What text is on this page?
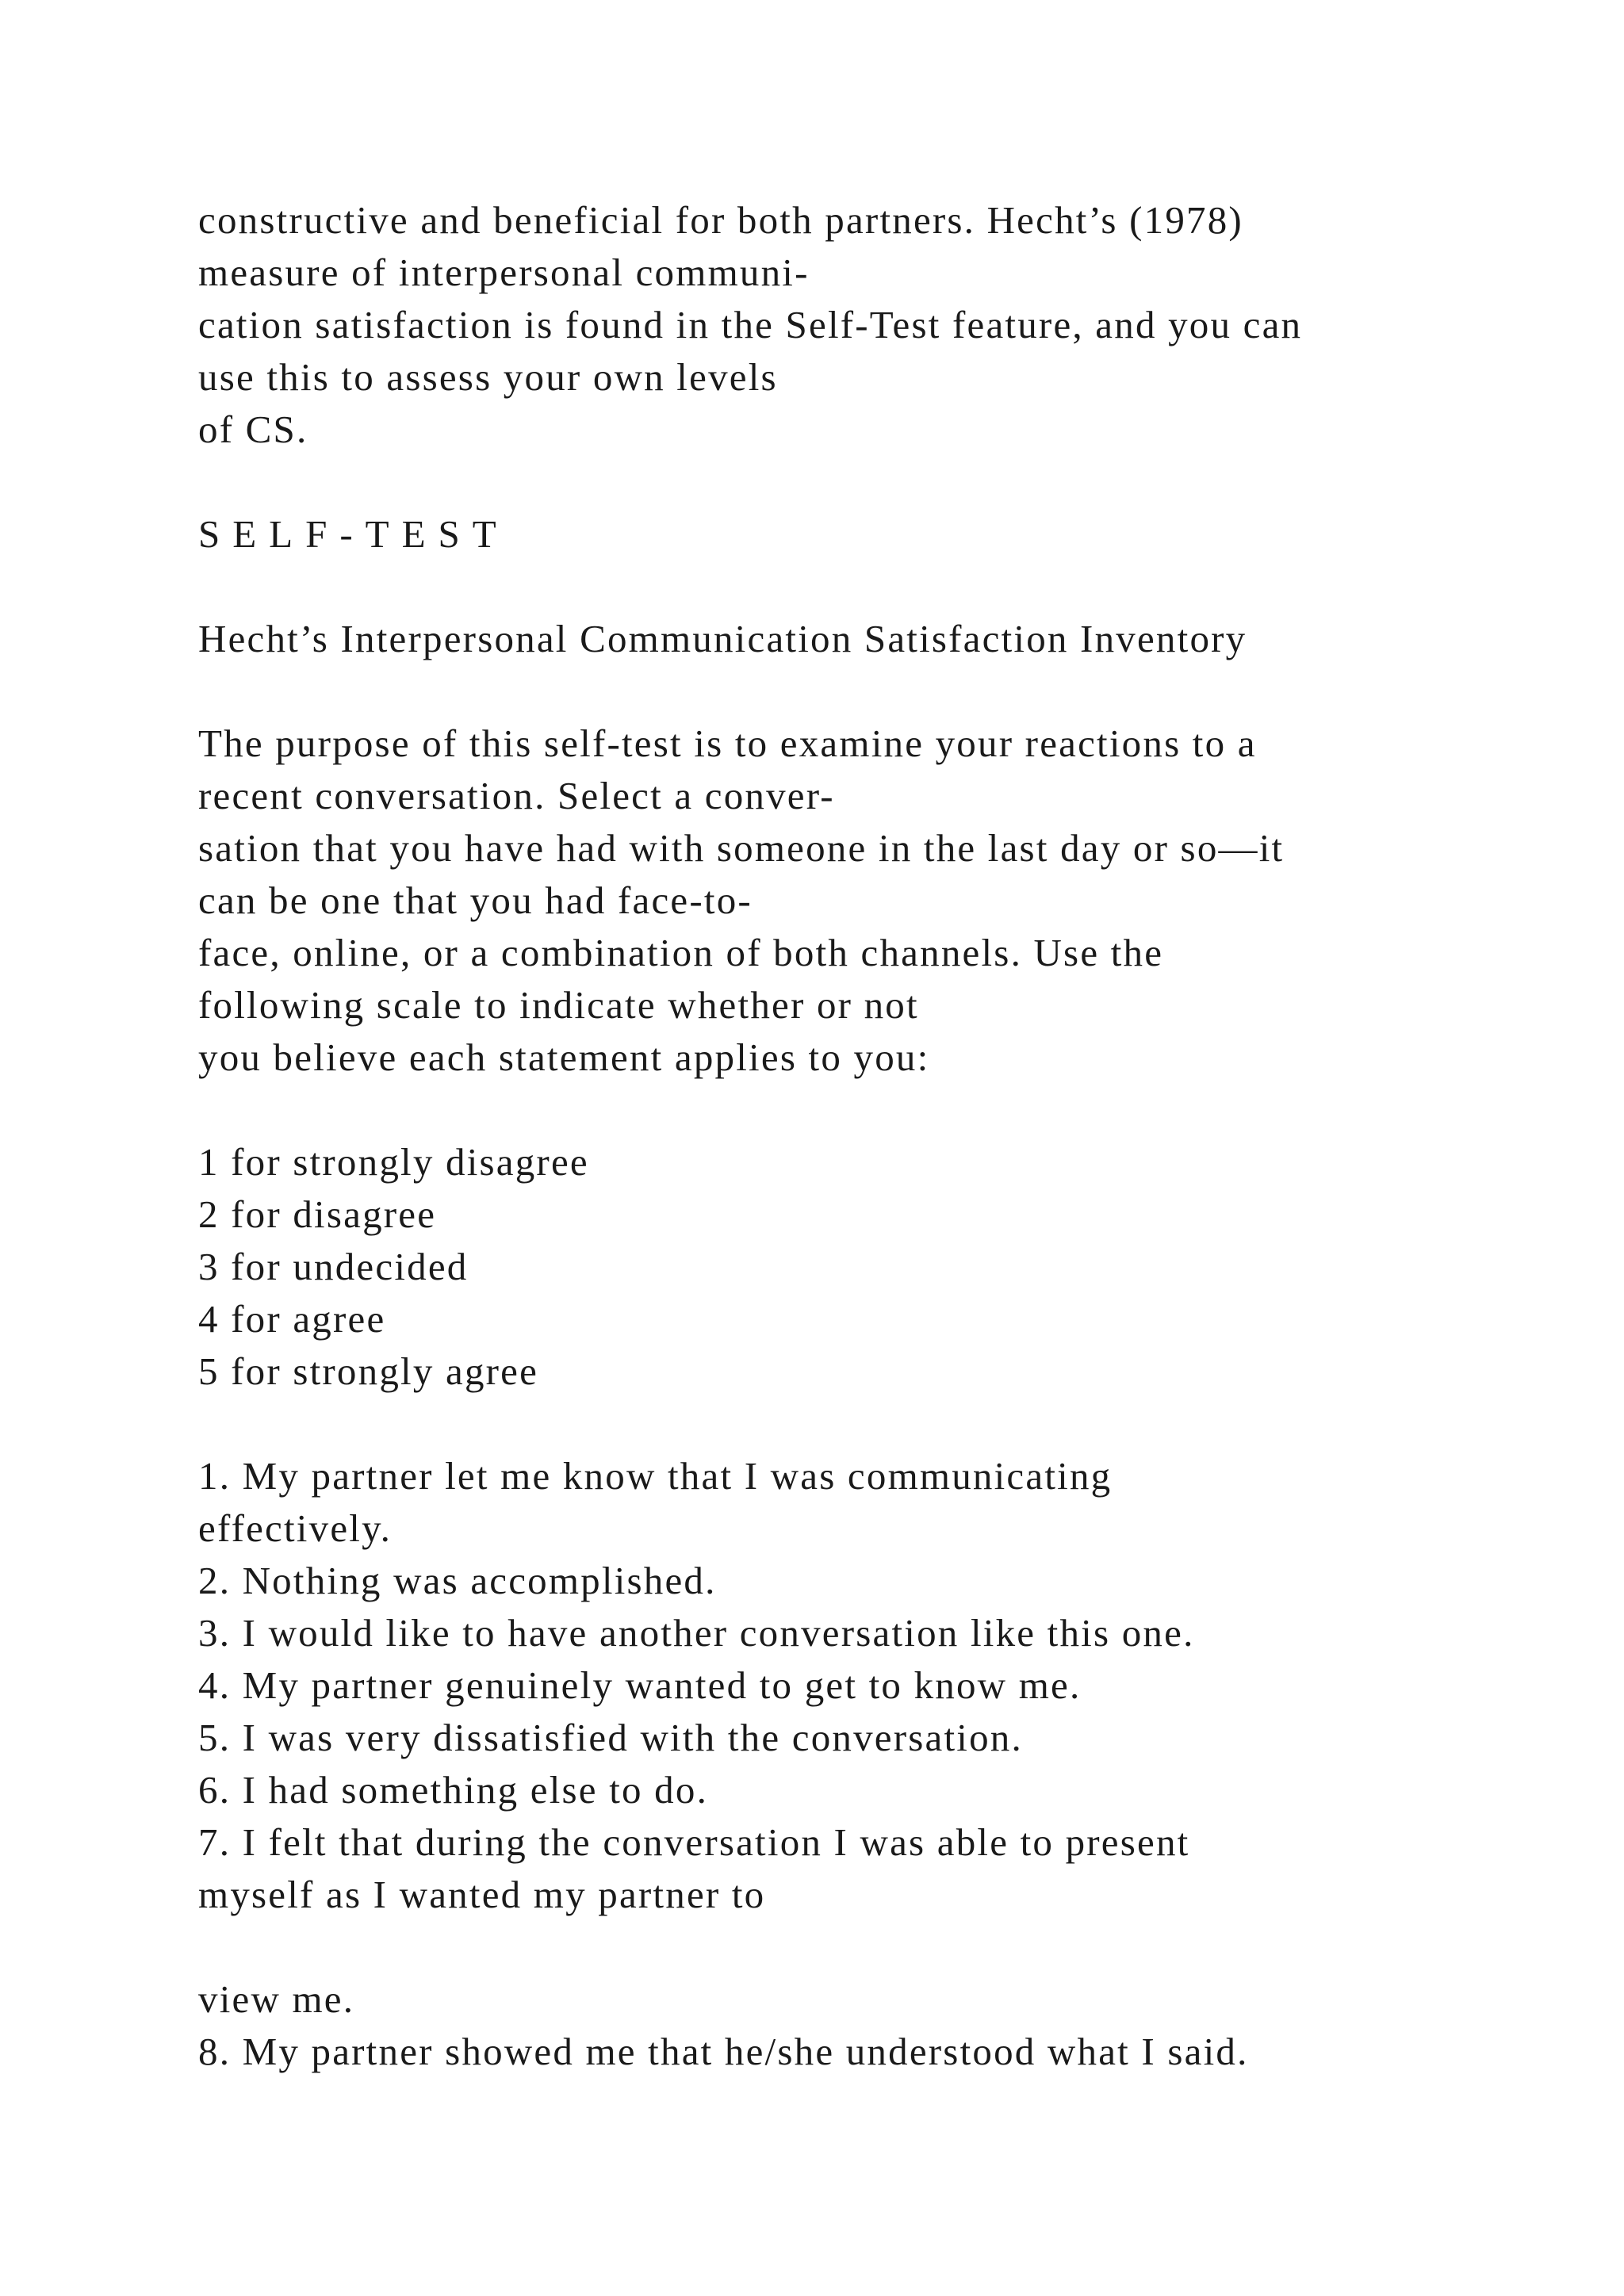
constructive and beneficial for both partners. Hecht’s (1978)

measure of interpersonal communi-

cation satisfaction is found in the Self-Test feature, and you can

use this to assess your own levels

of CS.

SELF-TEST

Hecht’s Interpersonal Communication Satisfaction Inventory

The purpose of this self-test is to examine your reactions to a

recent conversation. Select a conver-

sation that you have had with someone in the last day or so—it

can be one that you had face-to-

face, online, or a combination of both channels. Use the

following scale to indicate whether or not

you believe each statement applies to you:

1 for strongly disagree

2 for disagree

3 for undecided

4 for agree

5 for strongly agree

1. My partner let me know that I was communicating

effectively.

2. Nothing was accomplished.

3. I would like to have another conversation like this one.

4. My partner genuinely wanted to get to know me.

5. I was very dissatisfied with the conversation.

6. I had something else to do.

7. I felt that during the conversation I was able to present

myself as I wanted my partner to

view me.

8. My partner showed me that he/she understood what I said.
